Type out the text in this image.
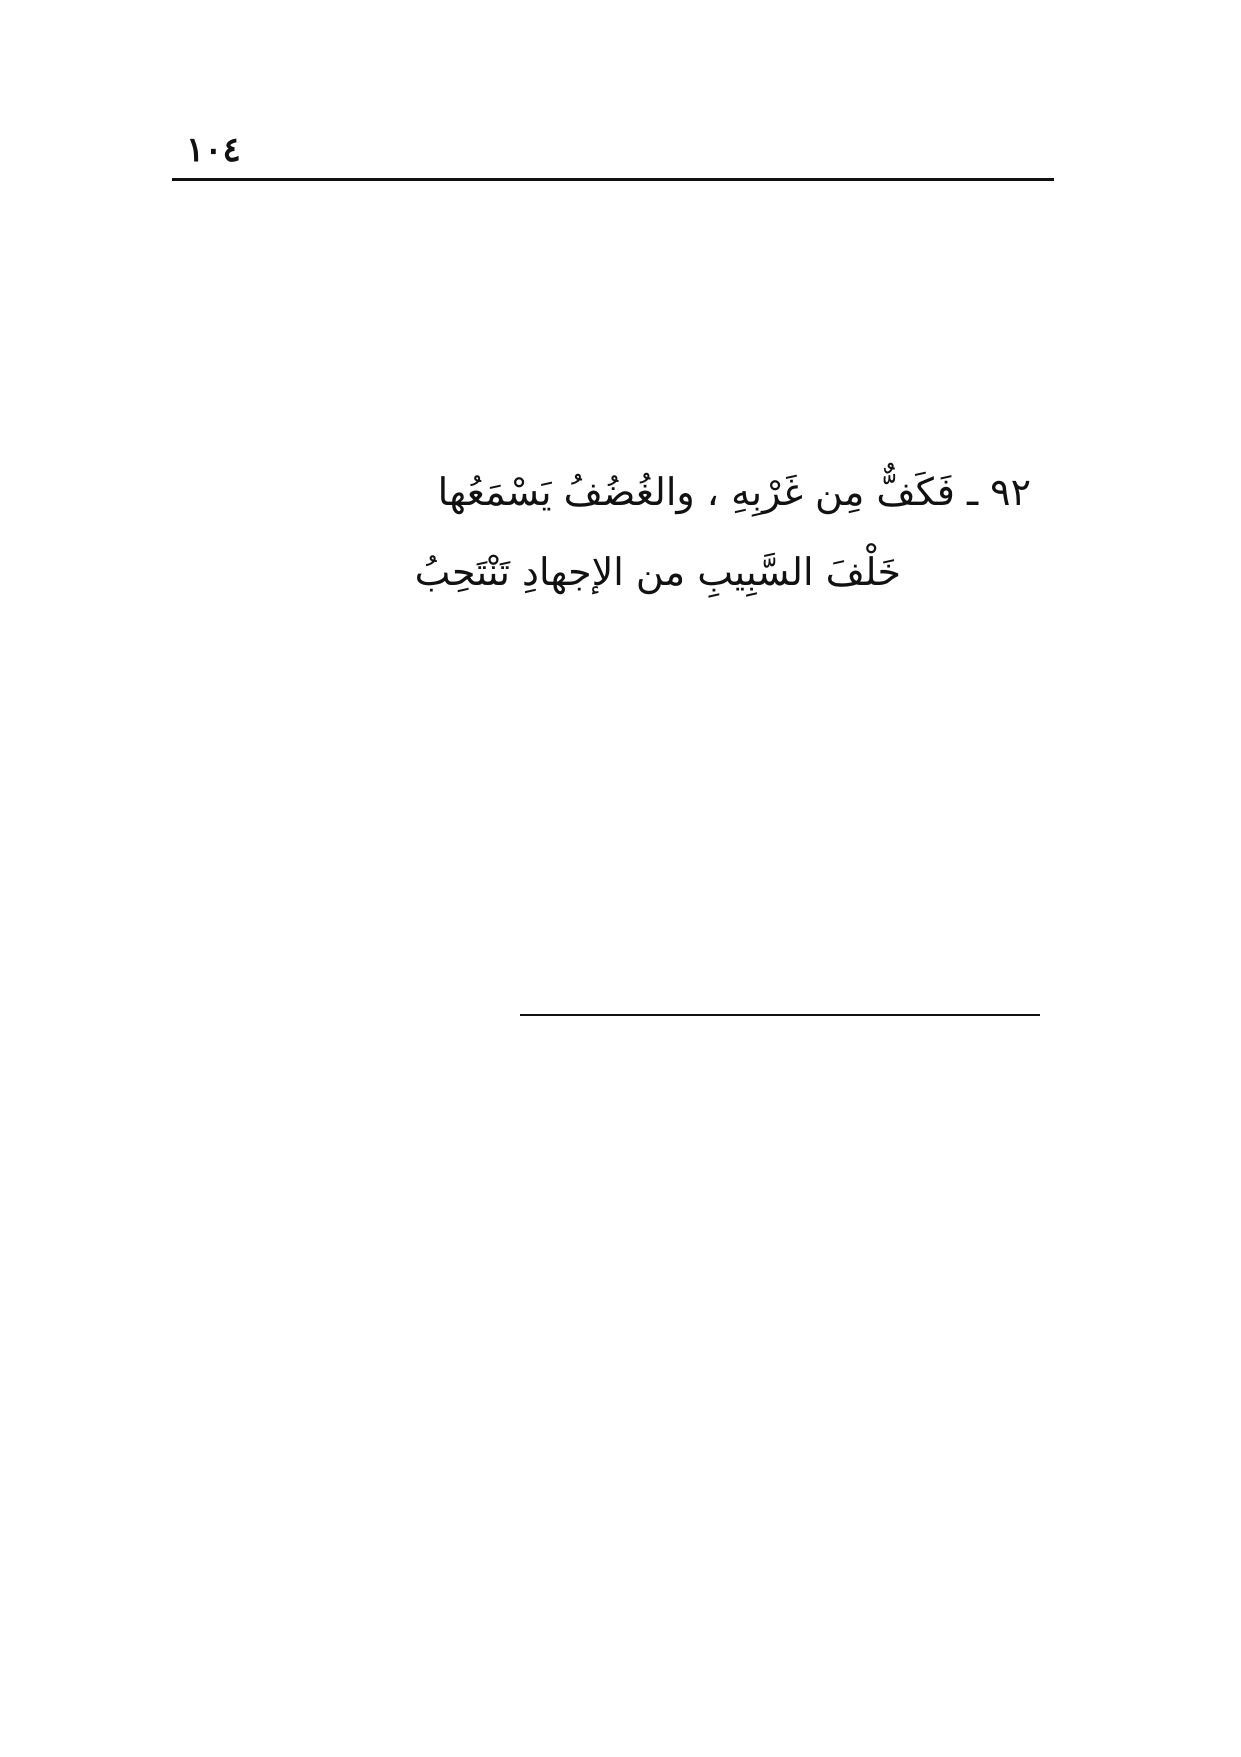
١٠٤
٩٢ ـ فَكَفٌّ مِن غَرْبِهِ ، والغُضُفُ يَسْمَعُها
خَلْفَ السَّبِيبِ من الإجهادِ تَنْتَحِبُ
